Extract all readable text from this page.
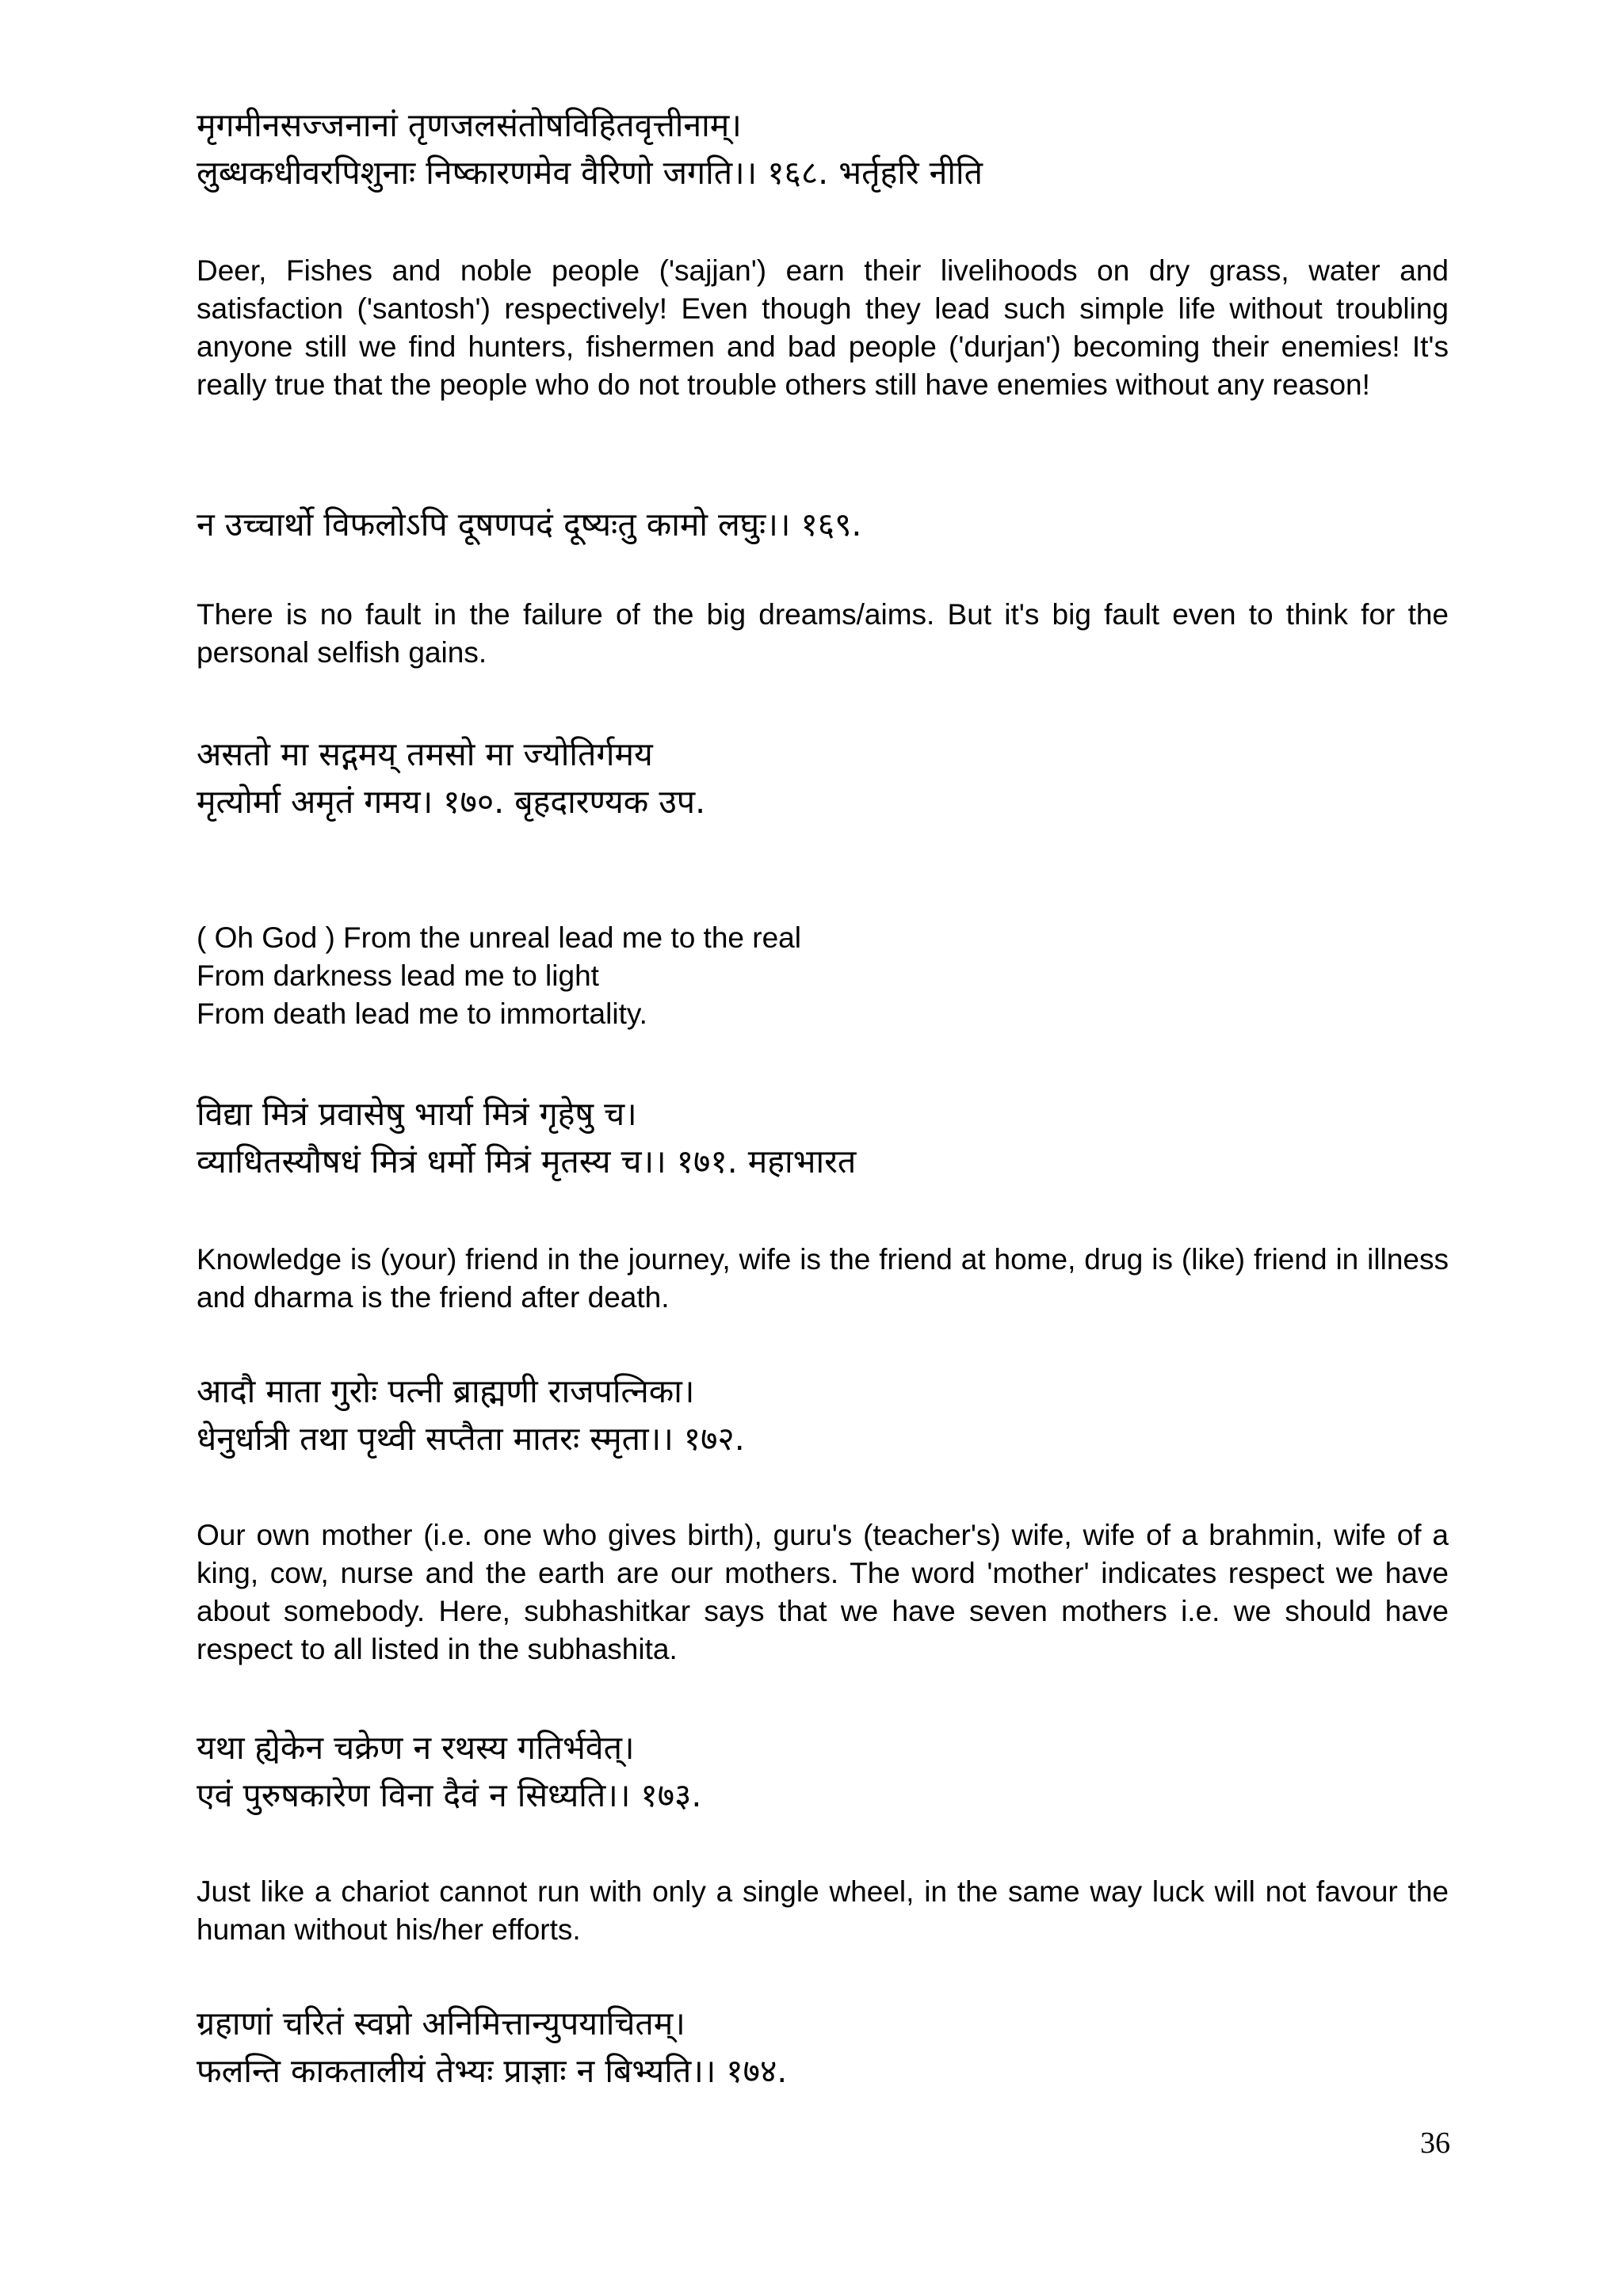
मृगमीनसज्जनानां तृणजलसंतोषविहितवृत्तीनाम्।

लुब्धकधीवरपिशुनाः निष्कारणमेव वैरिणो जगति।। १६८. भर्तृहरि नीति

Deer, Fishes and noble people ('sajjan') earn their livelihoods on dry grass, water and satisfaction ('santosh') respectively! Even though they lead such simple life without troubling anyone still we find hunters, fishermen and bad people ('durjan') becoming their enemies! It's really true that the people who do not trouble others still have enemies without any reason!

न उच्चार्थो विफलोऽपि दूषणपदं दूष्यःतु कामो लघुः।। १६९.

There is no fault in the failure of the big dreams/aims. But it's big fault even to think for the personal selfish gains.

असतो मा सद्गमय् तमसो मा ज्योतिर्गमय

मृत्योर्मा अमृतं गमय। १७०. बृहदारण्यक उप.

( Oh God ) From the unreal lead me to the real

From darkness lead me to light

From death lead me to immortality.

विद्या मित्रं प्रवासेषु भार्या मित्रं गृहेषु च।

व्याधितस्यौषधं मित्रं धर्मो मित्रं मृतस्य च।। १७१. महाभारत

Knowledge is (your) friend in the journey, wife is the friend at home, drug is (like) friend in illness and dharma is the friend after death.

आदौ माता गुरोः पत्नी ब्राह्मणी राजपत्निका।

धेनुर्धात्री तथा पृथ्वी सप्तैता मातरः स्मृता।। १७२.

Our own mother (i.e. one who gives birth), guru's (teacher's) wife, wife of a brahmin, wife of a king, cow, nurse and the earth are our mothers. The word 'mother' indicates respect we have about somebody. Here, subhashitkar says that we have seven mothers i.e. we should have respect to all listed in the subhashita.

यथा ह्येकेन चक्रेण न रथस्य गतिर्भवेत्।

एवं पुरुषकारेण विना दैवं न सिध्यति।। १७३.

Just like a chariot cannot run with only a single wheel, in the same way luck will not favour the human without his/her efforts.

ग्रहाणां चरितं स्वप्नो अनिमित्तान्युपयाचितम्।

फलन्ति काकतालीयं तेभ्यः प्राज्ञाः न बिभ्यति।। १७४.

36
